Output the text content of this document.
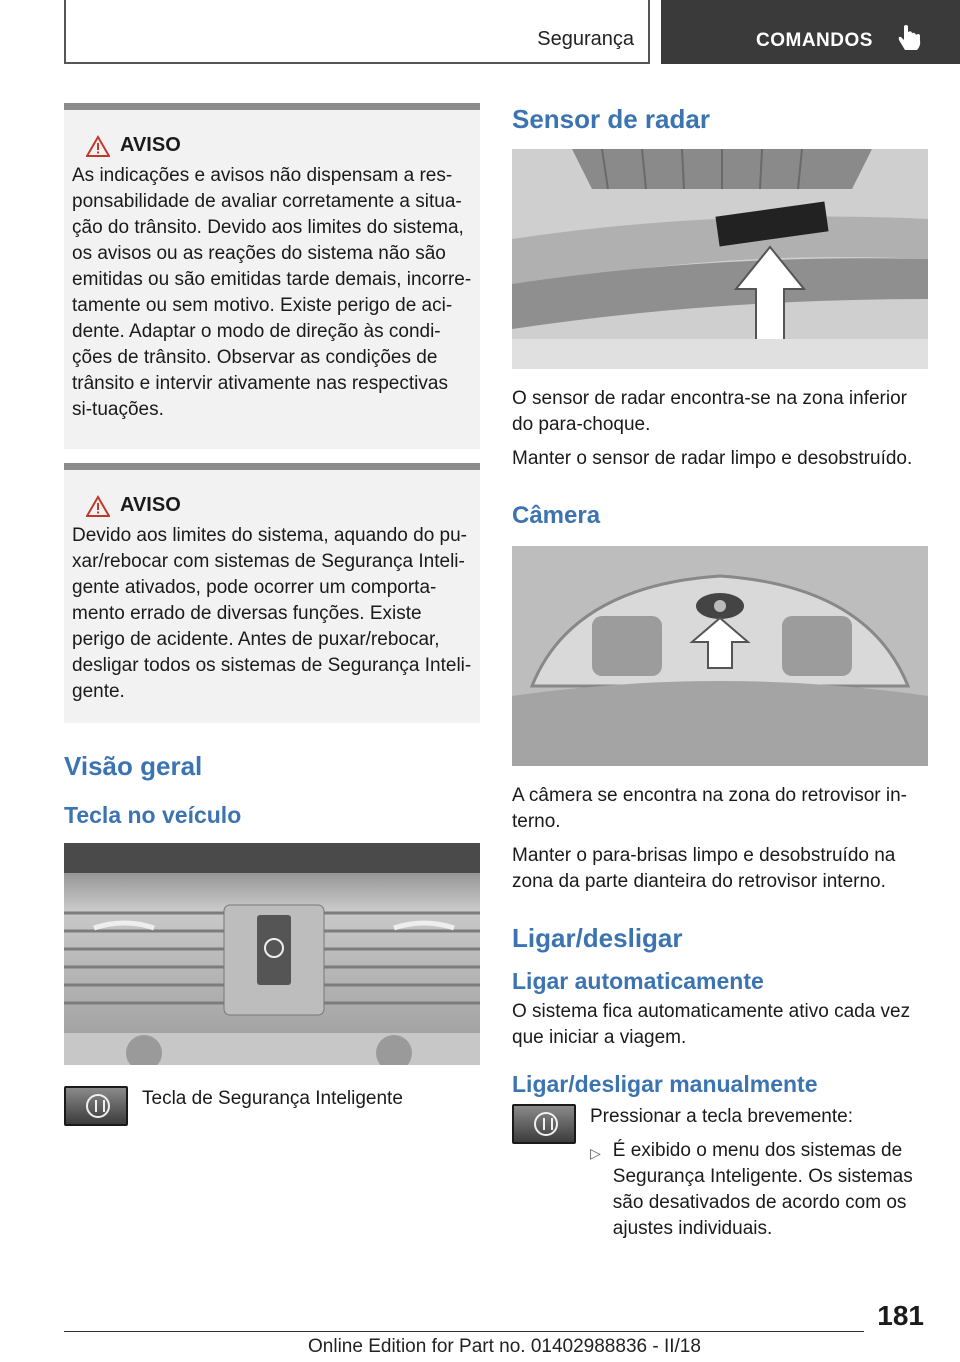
Segurança	COMANDOS
AVISO

As indicações e avisos não dispensam a res-ponsabilidade de avaliar corretamente a situa-ção do trânsito. Devido aos limites do sistema, os avisos ou as reações do sistema não são emitidas ou são emitidas tarde demais, incorre-tamente ou sem motivo. Existe perigo de aci-dente. Adaptar o modo de direção às condi-ções de trânsito. Observar as condições de trânsito e intervir ativamente nas respectivas si-tuações.

AVISO

Devido aos limites do sistema, aquando do pu-xar/rebocar com sistemas de Segurança Inteli-gente ativados, pode ocorrer um comporta-mento errado de diversas funções. Existe perigo de acidente. Antes de puxar/rebocar, desligar todos os sistemas de Segurança Inteli-gente.

Visão geral
Tecla no veículo
Tecla de Segurança Inteligente
Sensor de radar

O sensor de radar encontra-se na zona inferior do para-choque.

Manter o sensor de radar limpo e desobstruído.

Câmera

A câmera se encontra na zona do retrovisor in-terno.

Manter o para-brisas limpo e desobstruído na zona da parte dianteira do retrovisor interno.

Ligar/desligar
Ligar automaticamente

O sistema fica automaticamente ativo cada vez que iniciar a viagem.

Ligar/desligar manualmente
Pressionar a tecla brevemente:
▷ É exibido o menu dos sistemas de Segurança Inteligente. Os sistemas são desativados de acordo com os ajustes individuais.
181
Online Edition for Part no. 01402988836 - II/18
